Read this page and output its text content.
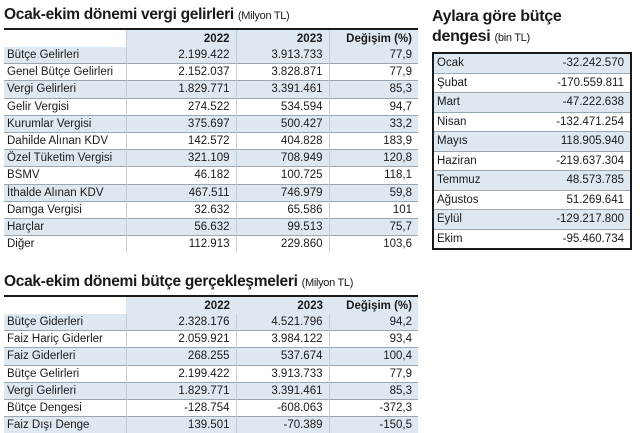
Ocak-ekim dönemi vergi gelirleri (Milyon TL)
	2022	2023	Değişim (%)
Bütçe Gelirleri	2.199.422	3.913.733	77,9
Genel Bütçe Gelirleri	2.152.037	3.828.871	77,9
Vergi Gelirleri	1.829.771	3.391.461	85,3
Gelir Vergisi	274.522	534.594	94,7
Kurumlar Vergisi	375.697	500.427	33,2
Dahilde Alınan KDV	142.572	404.828	183,9
Özel Tüketim Vergisi	321.109	708.949	120,8
BSMV	46.182	100.725	118,1
İthalde Alınan KDV	467.511	746.979	59,8
Damga Vergisi	32.632	65.586	101
Harçlar	56.632	99.513	75,7
Diğer	112.913	229.860	103,6
Ocak-ekim dönemi bütçe gerçekleşmeleri (Milyon TL)
	2022	2023	Değişim (%)
Bütçe Giderleri	2.328.176	4.521.796	94,2
Faiz Hariç Giderler	2.059.921	3.984.122	93,4
Faiz Giderleri	268.255	537.674	100,4
Bütçe Gelirleri	2.199.422	3.913.733	77,9
Vergi Gelirleri	1.829.771	3.391.461	85,3
Bütçe Dengesi	-128.754	-608.063	-372,3
Faiz Dışı Denge	139.501	-70.389	-150,5
Aylara göre bütçe
dengesi (bin TL)
Ocak	-32.242.570
Şubat	-170.559.811
Mart	-47.222.638
Nisan	-132.471.254
Mayıs	118.905.940
Haziran	-219.637.304
Temmuz	48.573.785
Ağustos	51.269.641
Eylül	-129.217.800
Ekim	-95.460.734
